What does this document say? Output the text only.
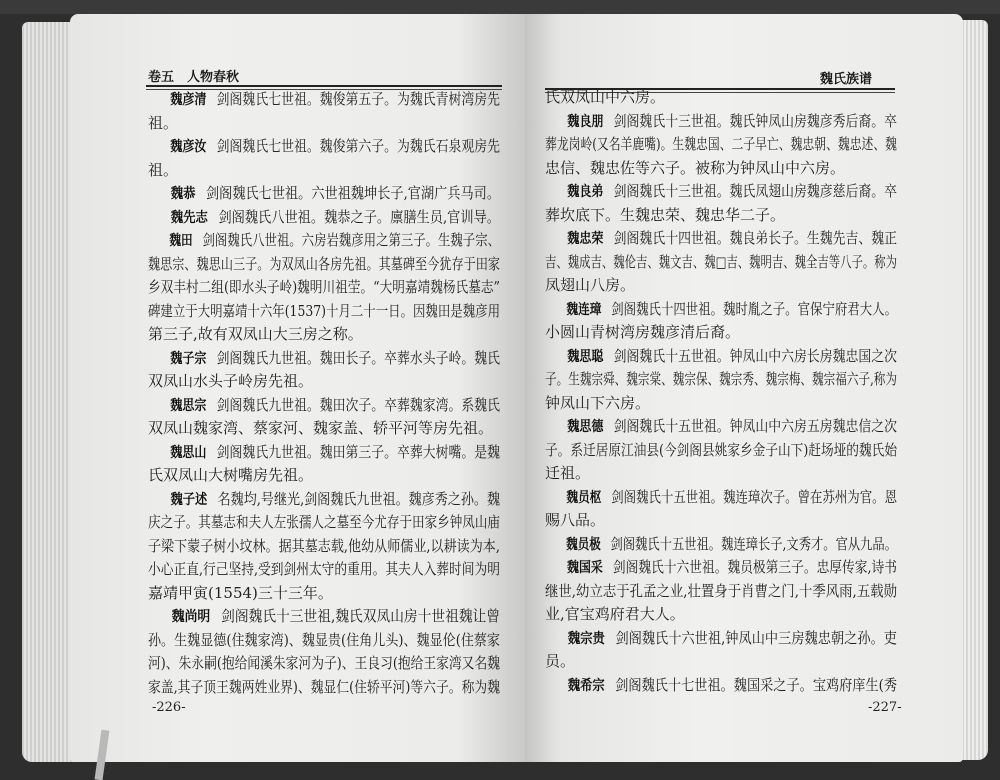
卷五　人物春秋	魏氏族谱
魏彦清 剑阁魏氏七世祖。魏俊第五子。为魏氏青树湾房先
祖。
魏彦汝 剑阁魏氏七世祖。魏俊第六子。为魏氏石泉观房先
祖。
魏恭 剑阁魏氏七世祖。六世祖魏坤长子,官湖广兵马司。
魏先志 剑阁魏氏八世祖。魏恭之子。廪膳生员,官训导。
魏田 剑阁魏氏八世祖。六房岩魏彦用之第三子。生魏子宗、
魏思宗、魏思山三子。为双凤山各房先祖。其墓碑至今犹存于田家
乡双丰村二组(即水头子岭)魏明川祖茔。“大明嘉靖魏杨氏墓志”
碑建立于大明嘉靖十六年(1537)十月二十一日。因魏田是魏彦用
第三子,故有双凤山大三房之称。
魏子宗 剑阁魏氏九世祖。魏田长子。卒葬水头子岭。魏氏
双凤山水头子岭房先祖。
魏思宗 剑阁魏氏九世祖。魏田次子。卒葬魏家湾。系魏氏
双凤山魏家湾、蔡家河、魏家盖、轿平河等房先祖。
魏思山 剑阁魏氏九世祖。魏田第三子。卒葬大树嘴。是魏
氏双凤山大树嘴房先祖。
魏子述 名魏均,号继光,剑阁魏氏九世祖。魏彦秀之孙。魏
庆之子。其墓志和夫人左张孺人之墓至今尤存于田家乡钟凤山庙
子梁下蒙子树小坟林。据其墓志载,他幼从师儒业,以耕读为本,
小心正直,行己坚持,受到剑州太守的重用。其夫人入葬时间为明
嘉靖甲寅(1554)三十三年。
魏尚明 剑阁魏氏十三世祖,魏氏双凤山房十世祖魏让曾
孙。生魏显德(住魏家湾)、魏显贵(住角儿头)、魏显伦(住蔡家
河)、朱永嗣(抱给闻溪朱家河为子)、王良习(抱给王家湾又名魏
家盖,其子顶王魏两姓业界)、魏显仁(住轿平河)等六子。称为魏
氏双凤山中六房。
魏良朋 剑阁魏氏十三世祖。魏氏钟凤山房魏彦秀后裔。卒
葬龙岗岭(又名羊鹿嘴)。生魏忠国、二子早亡、魏忠朝、魏忠述、魏
忠信、魏忠佐等六子。被称为钟凤山中六房。
魏良弟 剑阁魏氏十三世祖。魏氏凤翅山房魏彦慈后裔。卒
葬坎底下。生魏忠荣、魏忠华二子。
魏忠荣 剑阁魏氏十四世祖。魏良弟长子。生魏先吉、魏正
吉、魏成吉、魏伦吉、魏文吉、魏□吉、魏明吉、魏全吉等八子。称为
凤翅山八房。
魏连璋 剑阁魏氏十四世祖。魏时胤之子。官保宁府君大人。
小圆山青树湾房魏彦清后裔。
魏思聪 剑阁魏氏十五世祖。钟凤山中六房长房魏忠国之次
子。生魏宗舜、魏宗棠、魏宗保、魏宗秀、魏宗梅、魏宗福六子,称为
钟凤山下六房。
魏思德 剑阁魏氏十五世祖。钟凤山中六房五房魏忠信之次
子。系迁居原江油县(今剑阁县姚家乡金子山下)赶场垭的魏氏始
迁祖。
魏员枢 剑阁魏氏十五世祖。魏连璋次子。曾在苏州为官。恩
赐八品。
魏员极 剑阁魏氏十五世祖。魏连璋长子,文秀才。官从九品。
魏国采 剑阁魏氏十六世祖。魏员极第三子。忠厚传家,诗书
继世,幼立志于孔孟之业,壮置身于肖曹之门,十季风雨,五载勋
业,官宝鸡府君大人。
魏宗贵 剑阁魏氏十六世祖,钟凤山中三房魏忠朝之孙。吏
员。
魏希宗 剑阁魏氏十七世祖。魏国采之子。宝鸡府庠生(秀
-226-	-227-
